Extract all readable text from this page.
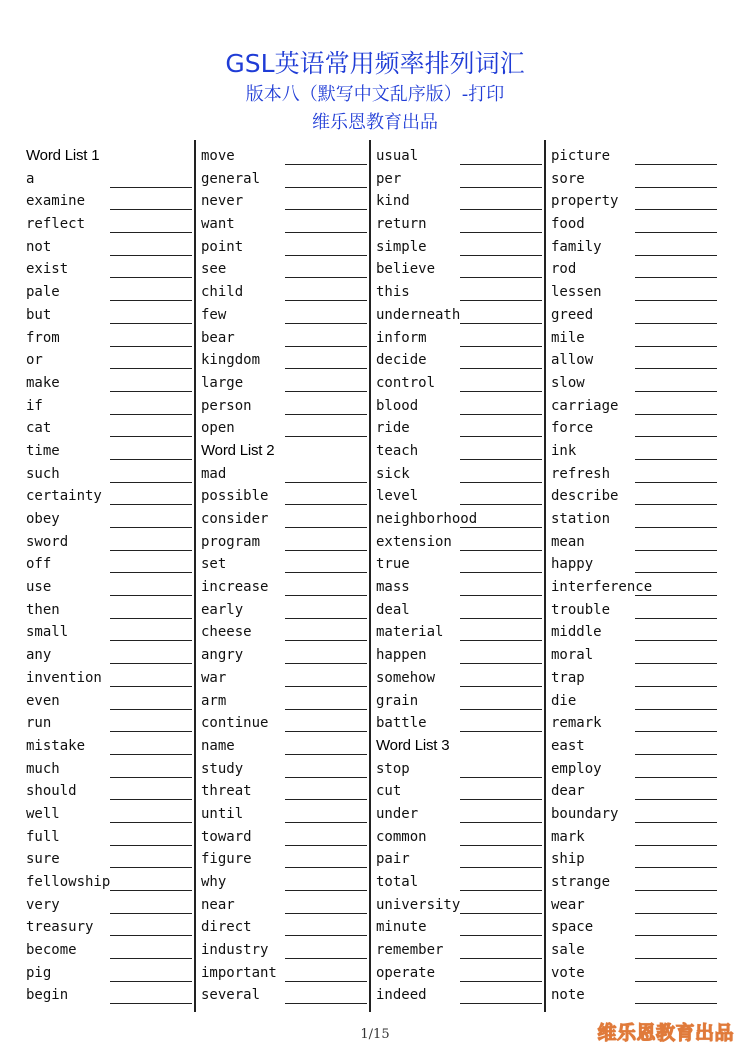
GSL英语常用频率排列词汇
版本八（默写中文乱序版）-打印
维乐恩教育出品
Word List 1
a
examine
reflect
not
exist
pale
but
from
or
make
if
cat
time
such
certainty
obey
sword
off
use
then
small
any
invention
even
run
mistake
much
should
well
full
sure
fellowship
very
treasury
become
pig
begin
move
general
never
want
point
see
child
few
bear
kingdom
large
person
open
Word List 2
mad
possible
consider
program
set
increase
early
cheese
angry
war
arm
continue
name
study
threat
until
toward
figure
why
near
direct
industry
important
several
usual
per
kind
return
simple
believe
this
underneath
inform
decide
control
blood
ride
teach
sick
level
neighborhood
extension
true
mass
deal
material
happen
somehow
grain
battle
Word List 3
stop
cut
under
common
pair
total
university
minute
remember
operate
indeed
picture
sore
property
food
family
rod
lessen
greed
mile
allow
slow
carriage
force
ink
refresh
describe
station
mean
happy
interference
trouble
middle
moral
trap
die
remark
east
employ
dear
boundary
mark
ship
strange
wear
space
sale
vote
note
1/15	维乐恩教育出品
